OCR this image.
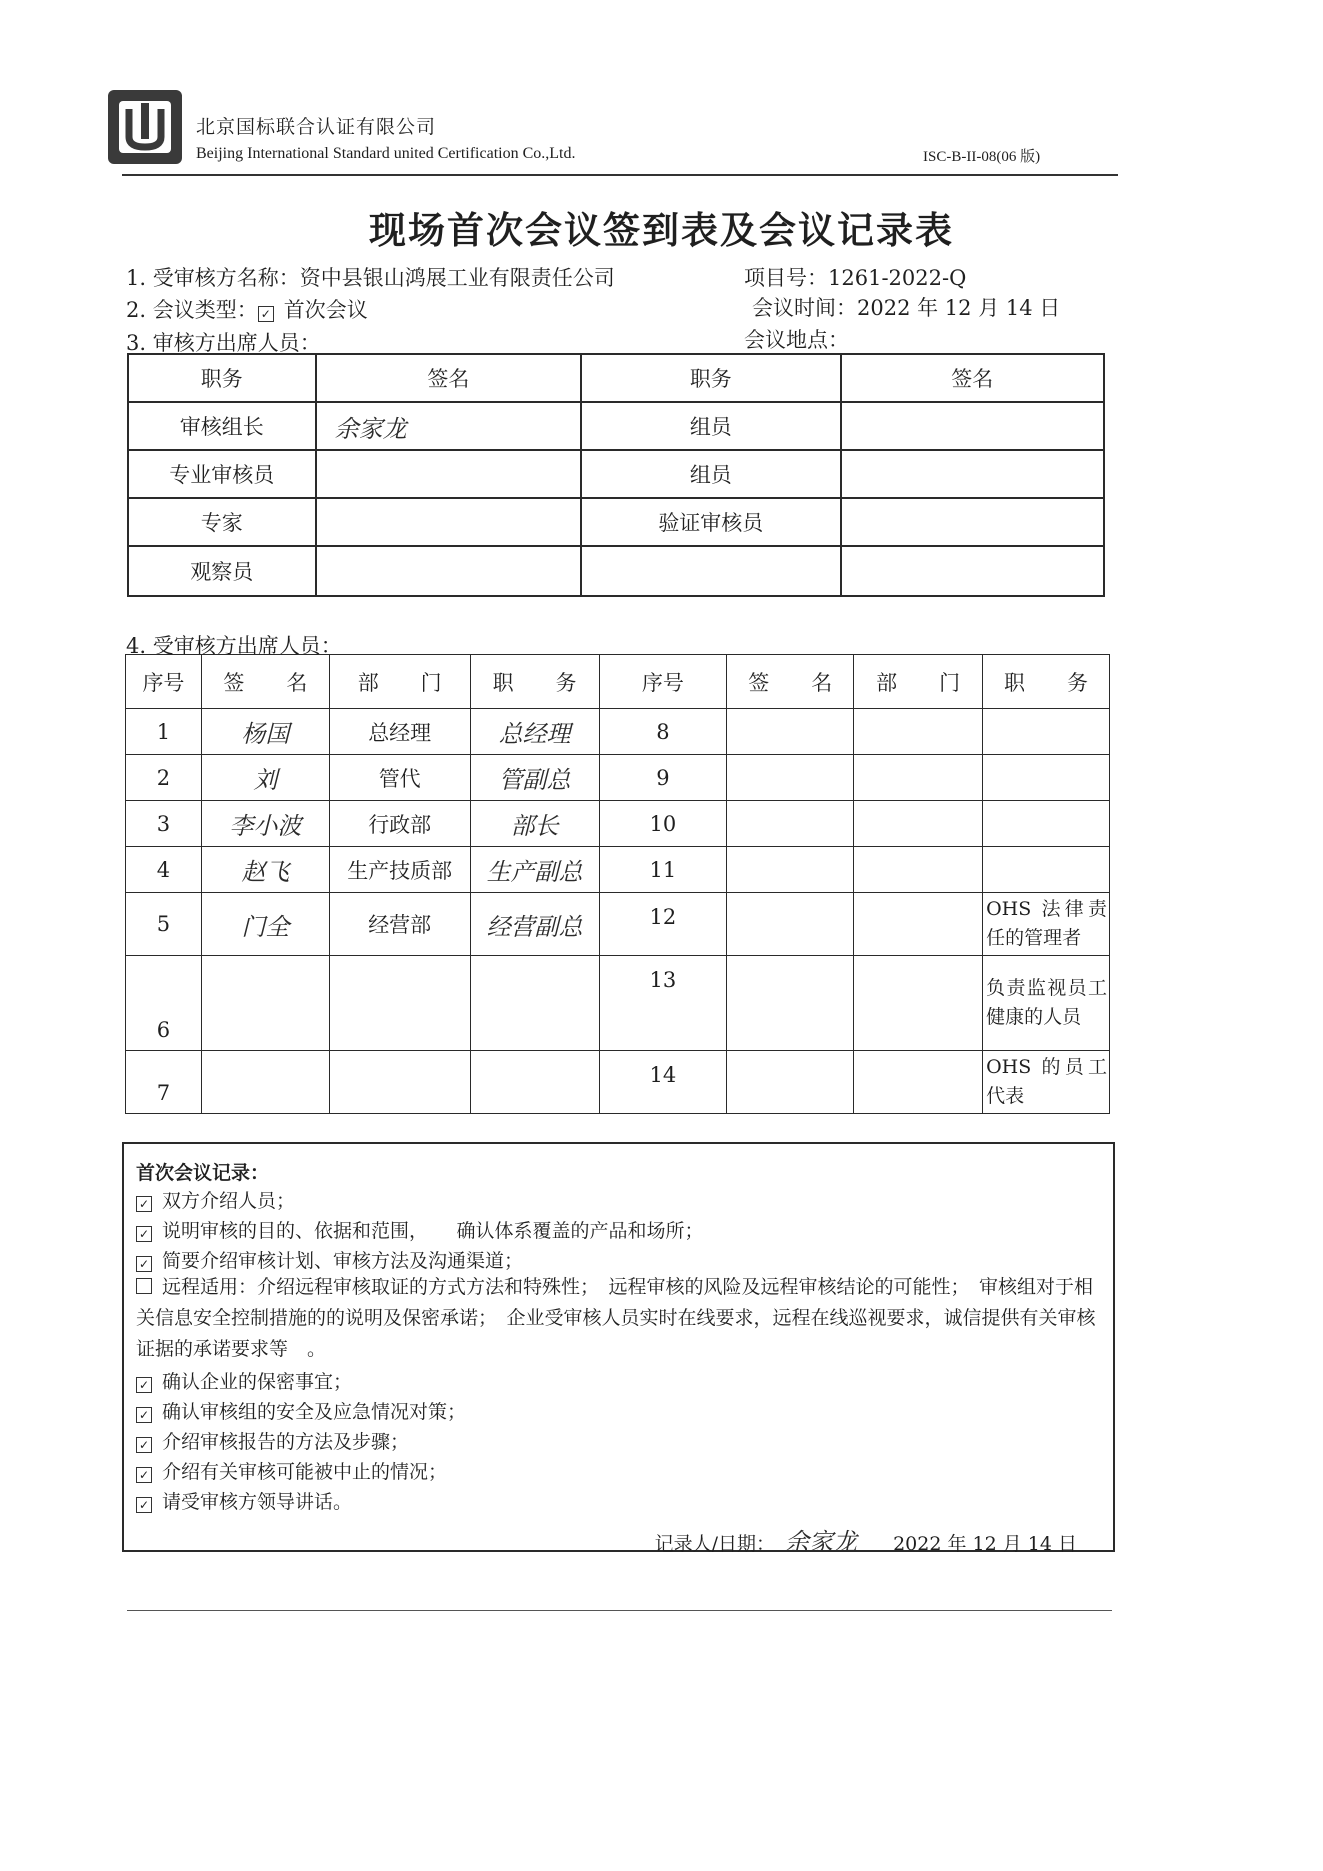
北京国标联合认证有限公司
Beijing International Standard united Certification Co.,Ltd.	ISC-B-II-08(06 版)
现场首次会议签到表及会议记录表
1. 受审核方名称：资中县银山鸿展工业有限责任公司	项目号：1261-2022-Q
2. 会议类型： ✓ 首次会议	会议时间：2022 年 12 月 14 日
3. 审核方出席人员：	会议地点：
职务	签名	职务	签名
审核组长	余家龙	组员	
专业审核员		组员	
专家		验证审核员	
观察员			
4. 受审核方出席人员：
序号	签　　名	部　　门	职　　务	序号	签　　名	部　　门	职　　务
1	杨国	总经理	总经理	8			
2	刘	管代	管副总	9			
3	李小波	行政部	部长	10			
4	赵飞	生产技质部	生产副总	11			
5	门全	经营部	经营副总	12			OHS 法律责任的管理者
6				13			负责监视员工健康的人员
7				14			OHS 的员工代表
首次会议记录：
✓ 双方介绍人员；
✓ 说明审核的目的、依据和范围，　　确认体系覆盖的产品和场所；
✓ 简要介绍审核计划、审核方法及沟通渠道；
远程适用：介绍远程审核取证的方式方法和特殊性；　远程审核的风险及远程审核结论的可能性；　审核组对于相关信息安全控制措施的的说明及保密承诺；　企业受审核人员实时在线要求，远程在线巡视要求，诚信提供有关审核证据的承诺要求等　。
✓ 确认企业的保密事宜；
✓ 确认审核组的安全及应急情况对策；
✓ 介绍审核报告的方法及步骤；
✓ 介绍有关审核可能被中止的情况；
✓ 请受审核方领导讲话。
记录人/日期： 余家龙 2022 年 12 月 14 日
